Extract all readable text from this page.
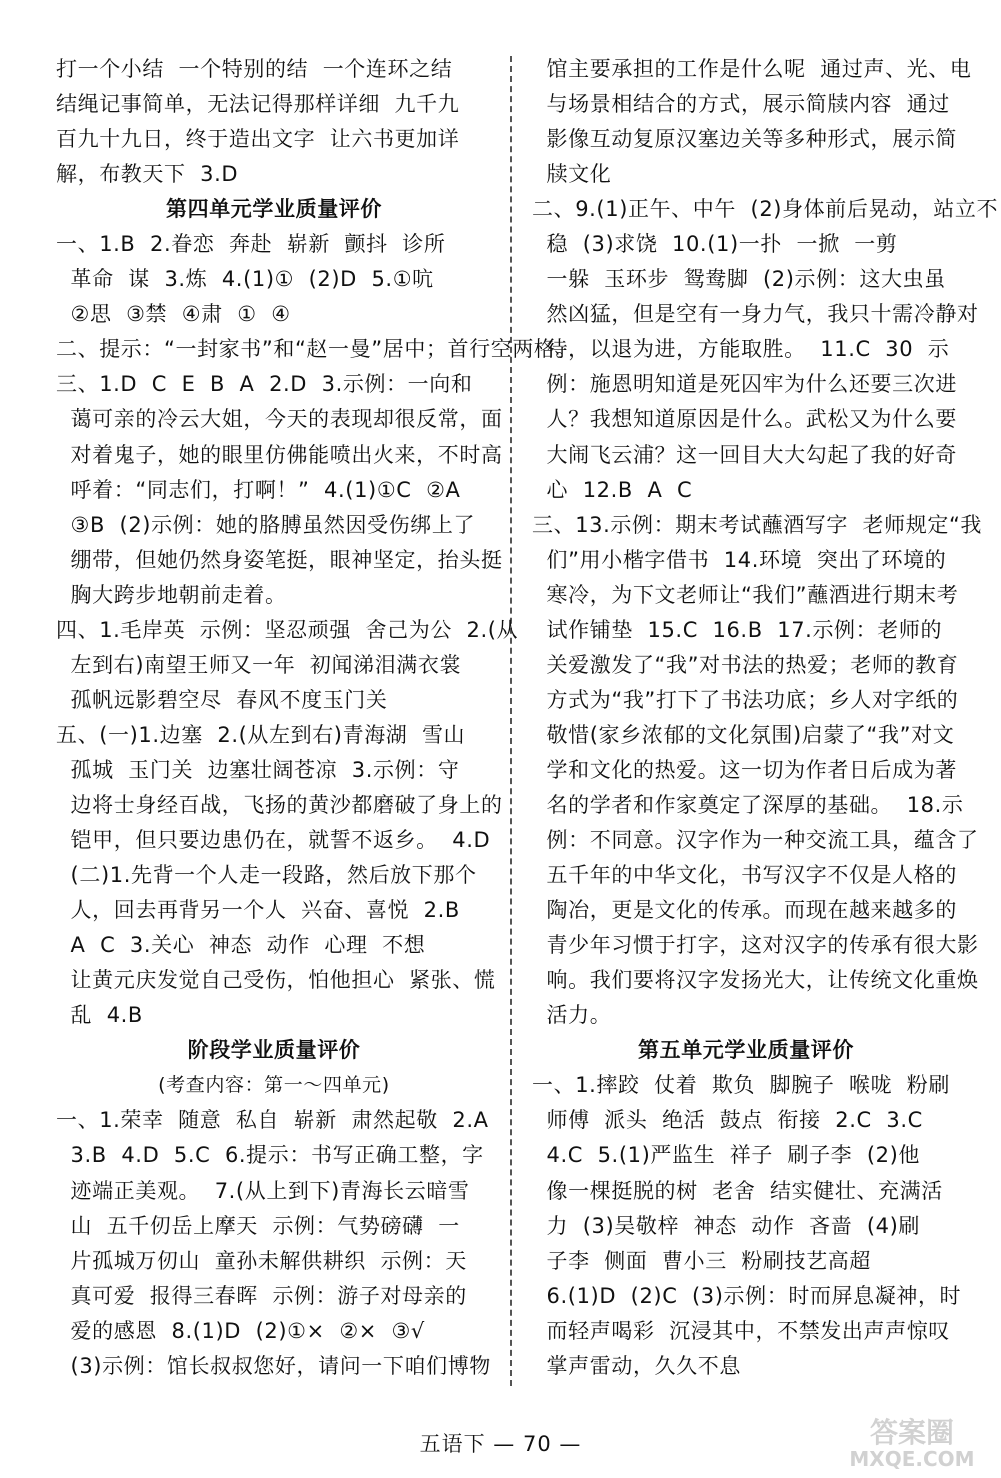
打一个小结  一个特别的结  一个连环之结
结绳记事简单，无法记得那样详细  九千九
百九十九日，终于造出文字  让六书更加详
解，布教天下  3.D
第四单元学业质量评价
一、1.B  2.眷恋  奔赴  崭新  颤抖  诊所
革命  谋  3.炼  4.(1)①  (2)D  5.①吭
②思  ③禁  ④肃  ①  ④
二、提示：“一封家书”和“赵一曼”居中；首行空两格。
三、1.D  C  E  B  A  2.D  3.示例：一向和
蔼可亲的冷云大姐，今天的表现却很反常，面
对着鬼子，她的眼里仿佛能喷出火来，不时高
呼着：“同志们，打啊！”  4.(1)①C  ②A
③B  (2)示例：她的胳膊虽然因受伤绑上了
绷带，但她仍然身姿笔挺，眼神坚定，抬头挺
胸大跨步地朝前走着。
四、1.毛岸英  示例：坚忍顽强  舍己为公  2.(从
左到右)南望王师又一年  初闻涕泪满衣裳
孤帆远影碧空尽  春风不度玉门关
五、(一)1.边塞  2.(从左到右)青海湖  雪山
孤城  玉门关  边塞壮阔苍凉  3.示例：守
边将士身经百战，飞扬的黄沙都磨破了身上的
铠甲，但只要边患仍在，就誓不返乡。  4.D
(二)1.先背一个人走一段路，然后放下那个
人，回去再背另一个人  兴奋、喜悦  2.B
A  C  3.关心  神态  动作  心理  不想
让黄元庆发觉自己受伤，怕他担心  紧张、慌
乱  4.B
阶段学业质量评价
(考查内容：第一～四单元)
一、1.荣幸  随意  私自  崭新  肃然起敬  2.A
3.B  4.D  5.C  6.提示：书写正确工整，字
迹端正美观。  7.(从上到下)青海长云暗雪
山  五千仞岳上摩天  示例：气势磅礴  一
片孤城万仞山  童孙未解供耕织  示例：天
真可爱  报得三春晖  示例：游子对母亲的
爱的感恩  8.(1)D  (2)①×  ②×  ③√
(3)示例：馆长叔叔您好，请问一下咱们博物
馆主要承担的工作是什么呢  通过声、光、电
与场景相结合的方式，展示简牍内容  通过
影像互动复原汉塞边关等多种形式，展示简
牍文化
二、9.(1)正午、中午  (2)身体前后晃动，站立不
稳  (3)求饶  10.(1)一扑  一掀  一剪
一躲  玉环步  鸳鸯脚  (2)示例：这大虫虽
然凶猛，但是空有一身力气，我只十需冷静对
待，以退为进，方能取胜。  11.C  30  示
例：施恩明知道是死囚牢为什么还要三次进
人？我想知道原因是什么。武松又为什么要
大闹飞云浦？这一回目大大勾起了我的好奇
心  12.B  A  C
三、13.示例：期末考试蘸酒写字  老师规定“我
们”用小楷字借书  14.环境  突出了环境的
寒冷，为下文老师让“我们”蘸酒进行期末考
试作铺垫  15.C  16.B  17.示例：老师的
关爱激发了“我”对书法的热爱；老师的教育
方式为“我”打下了书法功底；乡人对字纸的
敬惜(家乡浓郁的文化氛围)启蒙了“我”对文
学和文化的热爱。这一切为作者日后成为著
名的学者和作家奠定了深厚的基础。  18.示
例：不同意。汉字作为一种交流工具，蕴含了
五千年的中华文化，书写汉字不仅是人格的
陶冶，更是文化的传承。而现在越来越多的
青少年习惯于打字，这对汉字的传承有很大影
响。我们要将汉字发扬光大，让传统文化重焕
活力。
第五单元学业质量评价
一、1.摔跤  仗着  欺负  脚腕子  喉咙  粉刷
师傅  派头  绝活  鼓点  衔接  2.C  3.C
4.C  5.(1)严监生  祥子  刷子李  (2)他
像一棵挺脱的树  老舍  结实健壮、充满活
力  (3)吴敬梓  神态  动作  吝啬  (4)刷
子李  侧面  曹小三  粉刷技艺高超
6.(1)D  (2)C  (3)示例：时而屏息凝神，时
而轻声喝彩  沉浸其中，不禁发出声声惊叹
掌声雷动，久久不息
五语下 — 70 —	答案圈
MXQE.COM
